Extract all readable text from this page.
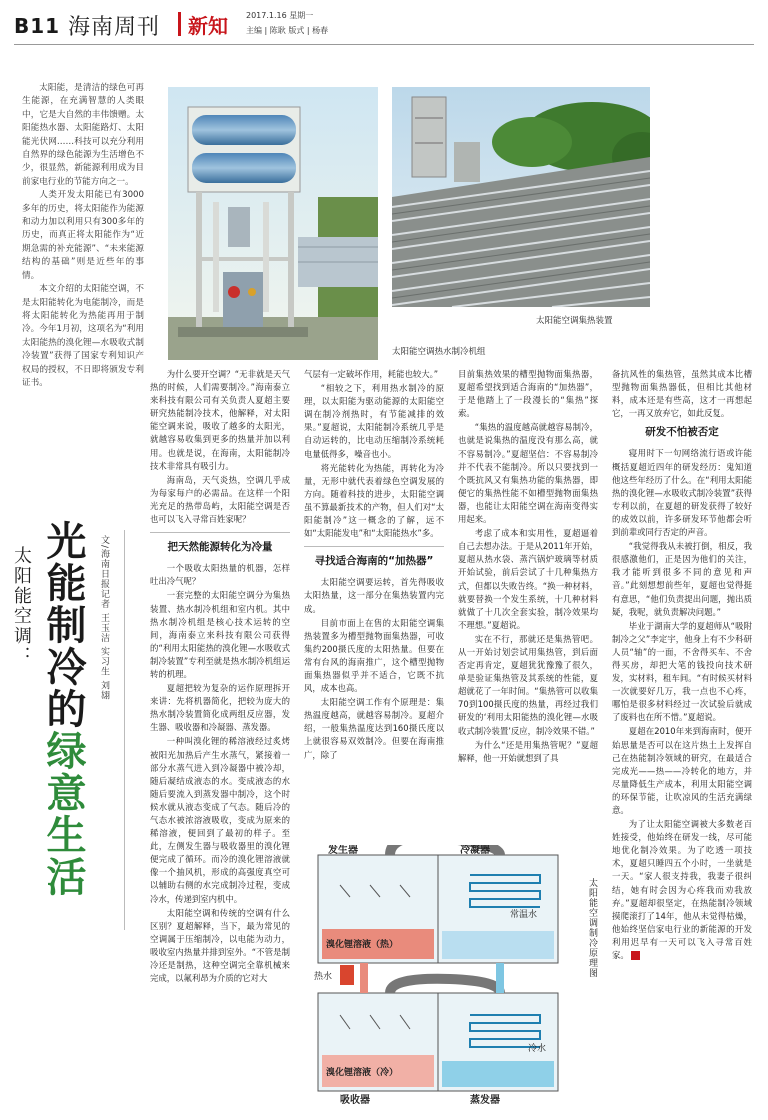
B11 海南周刊 新知 2017.1.16 星期一
主编 | 陈耿 版式 | 杨春

太阳能，是清洁的绿色可再生能源，在充满智慧的人类眼中，它是大自然的丰伟馈赠。太阳能热水器、太阳能路灯、太阳能光伏网……科技可以充分利用自然界的绿色能源为生活增色不少，很显然，新能源利用成为目前家电行业的节能方向之一。

人类开发太阳能已有3000多年的历史，将太阳能作为能源和动力加以利用只有300多年的历史，而真正将太阳能作为“近期急需的补充能源”、“未来能源结构的基础”则是近些年的事情。

本文介绍的太阳能空调，不是太阳能转化为电能制冷，而是将太阳能转化为热能再用于制冷。今年1月初，这项名为“利用太阳能热的溴化锂—水吸收式制冷装置”获得了国家专利知识产权局的授权，不日即将颁发专利证书。

文/海南日报记者 王玉洁 实习生 刘翃
光能制冷的绿意生活
太阳能空调：
太阳能空调热水制冷机组
太阳能空调集热装置

为什么要开空调？“无非就是天气热的时候，人们需要制冷。”海南泰立来科技有限公司有关负责人夏超主要研究热能制冷技术，他解释，对太阳能空调来说，吸收了越多的太阳光，就越容易收集到更多的热量并加以利用。也就是说，在海南，太阳能制冷技术非常具有吸引力。

海南岛，天气炎热，空调几乎成为每家每户的必需品。在这样一个阳光充足的热带岛屿，太阳能空调是否也可以飞入寻常百姓家呢？

把天然能源转化为冷量

一个吸收太阳热量的机器，怎样吐出冷气呢？

一套完整的太阳能空调分为集热装置、热水制冷机组和室内机。其中热水制冷机组是核心技术运转的空间，海南泰立来科技有限公司获得的“利用太阳能热的溴化锂—水吸收式制冷装置”专利至就是热水制冷机组运转的机理。

夏超把较为复杂的运作原理拆开来讲：先将机器简化，把较为庞大的热水制冷装置简化成两组反应器，发生器、吸收器和冷凝器、蒸发器。

一种叫溴化锂的稀溶液经过炙烤被阳光加热后产生水蒸气，紧接着一部分水蒸气进入到冷凝器中被冷却，随后凝结成液态的水。变成液态的水随后要流入到蒸发器中制冷，这个时候水就从液态变成了气态。随后冷的气态水被浓溶液吸收，变成为原来的稀溶液，便回到了最初的样子。至此，左侧发生器与吸收器里的溴化锂便完成了循环。而冷的溴化锂溶液就像一个抽风机，形成的高强度真空可以辅助右侧的水完成制冷过程，变成冷水，传递到室内机中。

太阳能空调和传统的空调有什么区别？夏超解释，当下，最为常见的空调属于压缩制冷，以电能为动力，吸收室内热量并排到室外。“不管是制冷还是制热，这种空调完全靠机械来完成，以氟利昂为介质的它对大

气层有一定破坏作用，耗能也较大。”

“相较之下，利用热水制冷的原理，以太阳能为驱动能源的太阳能空调在制冷剂热时，有节能减排的效果。”夏超说，太阳能制冷系统几乎是自动运转的，比电动压缩制冷系统耗电量低得多，噪音也小。

将光能转化为热能，再转化为冷量，无形中就代表着绿色空调发展的方向。随着科技的进步，太阳能空调虽不算最新技术的产物，但人们对“太阳能制冷”这一概念的了解，远不如“太阳能发电”和“太阳能热水”多。

寻找适合海南的“加热器”

太阳能空调要运转，首先得吸收太阳热量，这一部分在集热装置内完成。

目前市面上在售的太阳能空调集热装置多为槽型抛物面集热器，可收集约200摄氏度的太阳热量。但要在常有台风的海南推广，这个槽型抛物面集热器似乎并不适合，它既不抗风，成本也高。

太阳能空调工作有个原理是：集热温度越高，就越容易制冷。夏超介绍，一般集热温度达到160摄氏度以上就很容易双效制冷。但要在海南推广，除了

目前集热效果的槽型抛物面集热器，夏超希望找到适合海南的“加热器”，于是他踏上了一段漫长的“集热”探索。

“集热的温度越高就越容易制冷，也就是说集热的温度没有那么高，就不容易制冷。”夏超坚信：不容易制冷并不代表不能制冷。所以只要找到一个既抗风又有集热功能的集热器，即便它的集热性能不如槽型抛物面集热器，也能让太阳能空调在海南变得实用起来。

考虑了成本和实用性，夏超逼着自己去想办法。于是从2011年开始，夏超从热水袋、蒸汽锅炉玻璃等材质开始试验，前后尝试了十几种集热方式，但都以失败告终。“换一种材料，就要替换一个发生系统，十几种材料就做了十几次全套实验，制冷效果均不理想。”夏超说。

实在不行，那就还是集热管吧。从一开始讨划尝试用集热管，到后面否定再肯定，夏超犹犹豫豫了很久，单是验证集热管及其系统的性能，夏超就花了一年时间。“集热管可以收集70到100摄氏度的热量，再经过我们研发的‘利用太阳能热的溴化锂—水吸收式制冷装置’反应，制冷效果不错。”

为什么“还是用集热管呢？”夏超解释，他一开始就想到了具

备抗风性的集热管，虽然其成本比槽型抛物面集热器低，但相比其他材料，成本还是有些高，这才一再想起它，一再又放弃它，如此反复。

研发不怕被否定

寝用时下一句网络流行语或许能概括夏超近四年的研发经历：鬼知道他这些年经历了什么。在“利用太阳能热的溴化锂—水吸收式制冷装置”获得专利以前，在夏超的研发获得了较好的成效以前，许多研发环节他都会听到前辈或同行否定的声音。

“我觉得我从未被打倒，相反，我很感激他们，正是因为他们的关注，我才能听到很多不同的意见和声音。”此刻想想前些年，夏超也觉得挺有意思，“他们负责提出问题，抛出质疑，我呢，就负责解决问题。”

毕业于湖南大学的夏超师从“吸附制冷之父”李定宇，他身上有不少科研人员“轴”的一面，不舍得买车、不舍得买房，却把大笔的钱投向技术研发，实材料，租车间。“有时候买材料一次就要好几万，我一点也不心疼，哪怕是很多材料经过一次试验后就成了废料也在所不惜。”夏超说。

夏超在2010年来到海南时，便开始思量是否可以在这片热土上发挥自己在热能制冷领域的研究，在最适合完成光——热——冷转化的地方，并尽量降低生产成本，利用太阳能空调的环保节能，让吹凉风的生活充满绿意。

为了让太阳能空调被大多数老百姓接受，他始终在研发一线，尽可能地优化制冷效果。为了吃透一项技术，夏超只睡四五个小时，一坐就是一天。“家人很支持我，我妻子很纠结，她有时会因为心疼我而劝我放弃。”夏超却很坚定，在热能制冷领域摸爬滚打了14年，他从未觉得枯燥，他始终坚信家电行业的新能源的开发利用迟早有一天可以飞入寻常百姓家。

发生器	冷凝器
溴化锂溶液（热）
溴化锂溶液（冷）
热水
常温水
冷水
吸收器	蒸发器
太阳能空调制冷原理图
